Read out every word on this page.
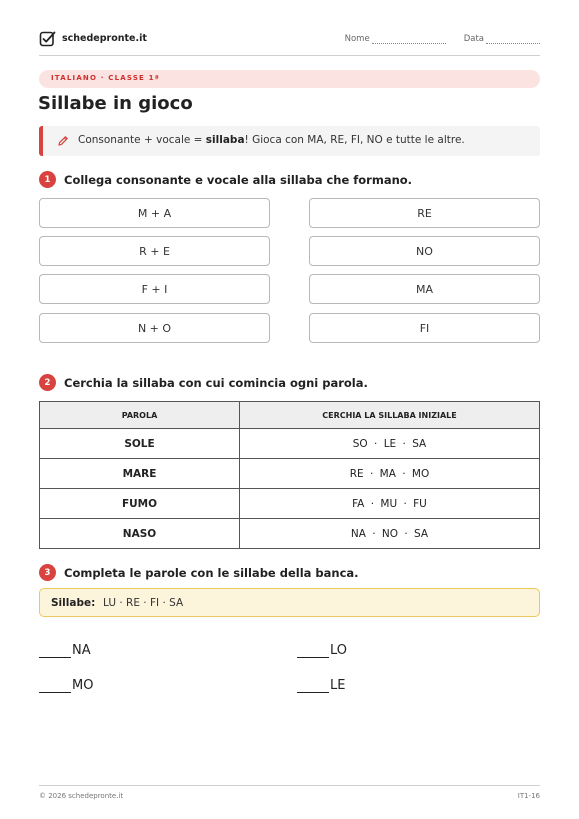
schedepronte.it	Nome	Data
ITALIANO · CLASSE 1ª
Sillabe in gioco
Consonante + vocale = sillaba! Gioca con MA, RE, FI, NO e tutte le altre.
1	Collega consonante e vocale alla sillaba che formano.
M + A
R + E
F + I
N + O
RE
NO
MA
FI
2	Cerchia la sillaba con cui comincia ogni parola.
PAROLA	CERCHIA LA SILLABA INIZIALE
SOLE	SO · LE · SA
MARE	RE · MA · MO
FUMO	FA · MU · FU
NASO	NA · NO · SA
3	Completa le parole con le sillabe della banca.
Sillabe: LU · RE · FI · SA
NA	LO
MO	LE
© 2026 schedepronte.it	IT1-16
